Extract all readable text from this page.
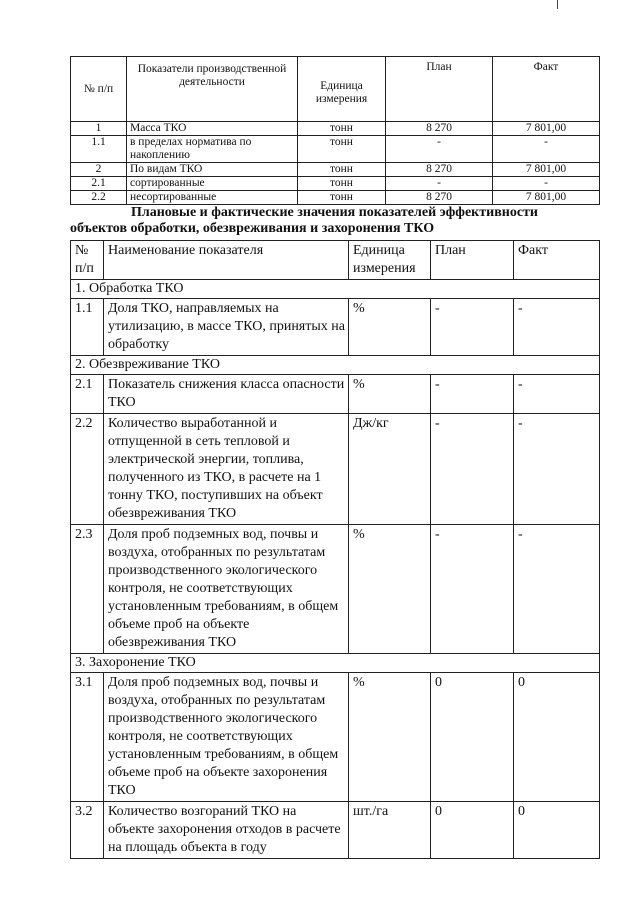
№ п/п	Показатели производственной деятельности	Единица измерения	План	Факт
1	Масса ТКО	тонн	8 270	7 801,00
1.1	в пределах норматива по накоплению	тонн	-	-
2	По видам ТКО	тонн	8 270	7 801,00
2.1	сортированные	тонн	-	-
2.2	несортированные	тонн	8 270	7 801,00
Плановые и фактические значения показателей эффективности
объектов обработки, обезвреживания и захоронения ТКО
№ п/п	Наименование показателя	Единица измерения	План	Факт
1. Обработка ТКО				
1.1	Доля ТКО, направляемых на утилизацию, в массе ТКО, принятых на обработку	%	-	-
2. Обезвреживание ТКО				
2.1	Показатель снижения класса опасности ТКО	%	-	-
2.2	Количество выработанной и отпущенной в сеть тепловой и электрической энергии, топлива, полученного из ТКО, в расчете на 1 тонну ТКО, поступивших на объект обезвреживания ТКО	Дж/кг	-	-
2.3	Доля проб подземных вод, почвы и воздуха, отобранных по результатам производственного экологического контроля, не соответствующих установленным требованиям, в общем объеме проб на объекте обезвреживания ТКО	%	-	-
3. Захоронение ТКО				
3.1	Доля проб подземных вод, почвы и воздуха, отобранных по результатам производственного экологического контроля, не соответствующих установленным требованиям, в общем объеме проб на объекте захоронения ТКО	%	0	0
3.2	Количество возгораний ТКО на объекте захоронения отходов в расчете на площадь объекта в году	шт./га	0	0
